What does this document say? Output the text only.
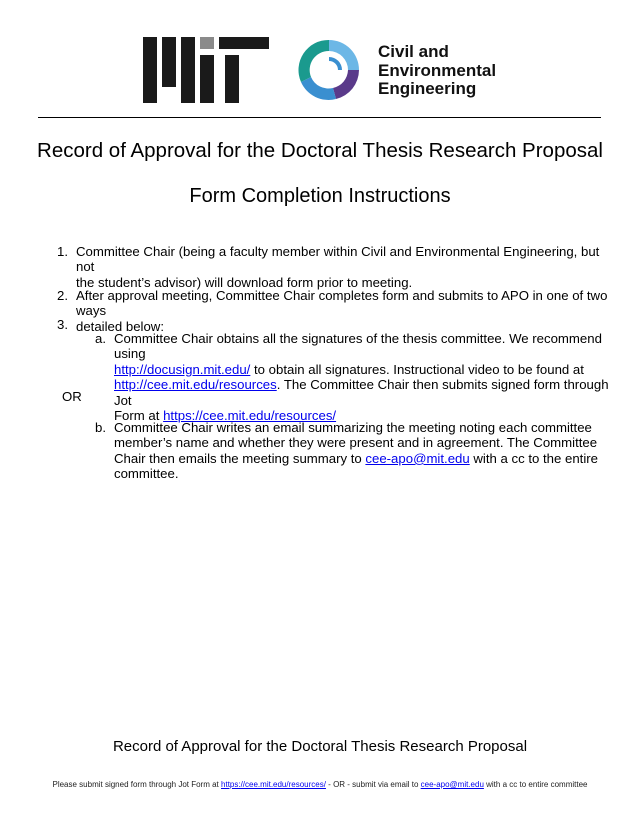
Civil and
Environmental
Engineering
Record of Approval for the Doctoral Thesis Research Proposal
Form Completion Instructions
1. Committee Chair (being a faculty member within Civil and Environmental Engineering, but not
the student’s advisor) will download form prior to meeting.
2. After approval meeting, Committee Chair completes form and submits to APO in one of two ways
detailed below:
3.
a. Committee Chair obtains all the signatures of the thesis committee. We recommend using
http://docusign.mit.edu/ to obtain all signatures. Instructional video to be found at
http://cee.mit.edu/resources. The Committee Chair then submits signed form through Jot
Form at https://cee.mit.edu/resources/
OR
b. Committee Chair writes an email summarizing the meeting noting each committee
member’s name and whether they were present and in agreement. The Committee
Chair then emails the meeting summary to cee-apo@mit.edu with a cc to the entire
committee.
Record of Approval for the Doctoral Thesis Research Proposal
Please submit signed form through Jot Form at https://cee.mit.edu/resources/ - OR - submit via email to cee-apo@mit.edu with a cc to entire committee
